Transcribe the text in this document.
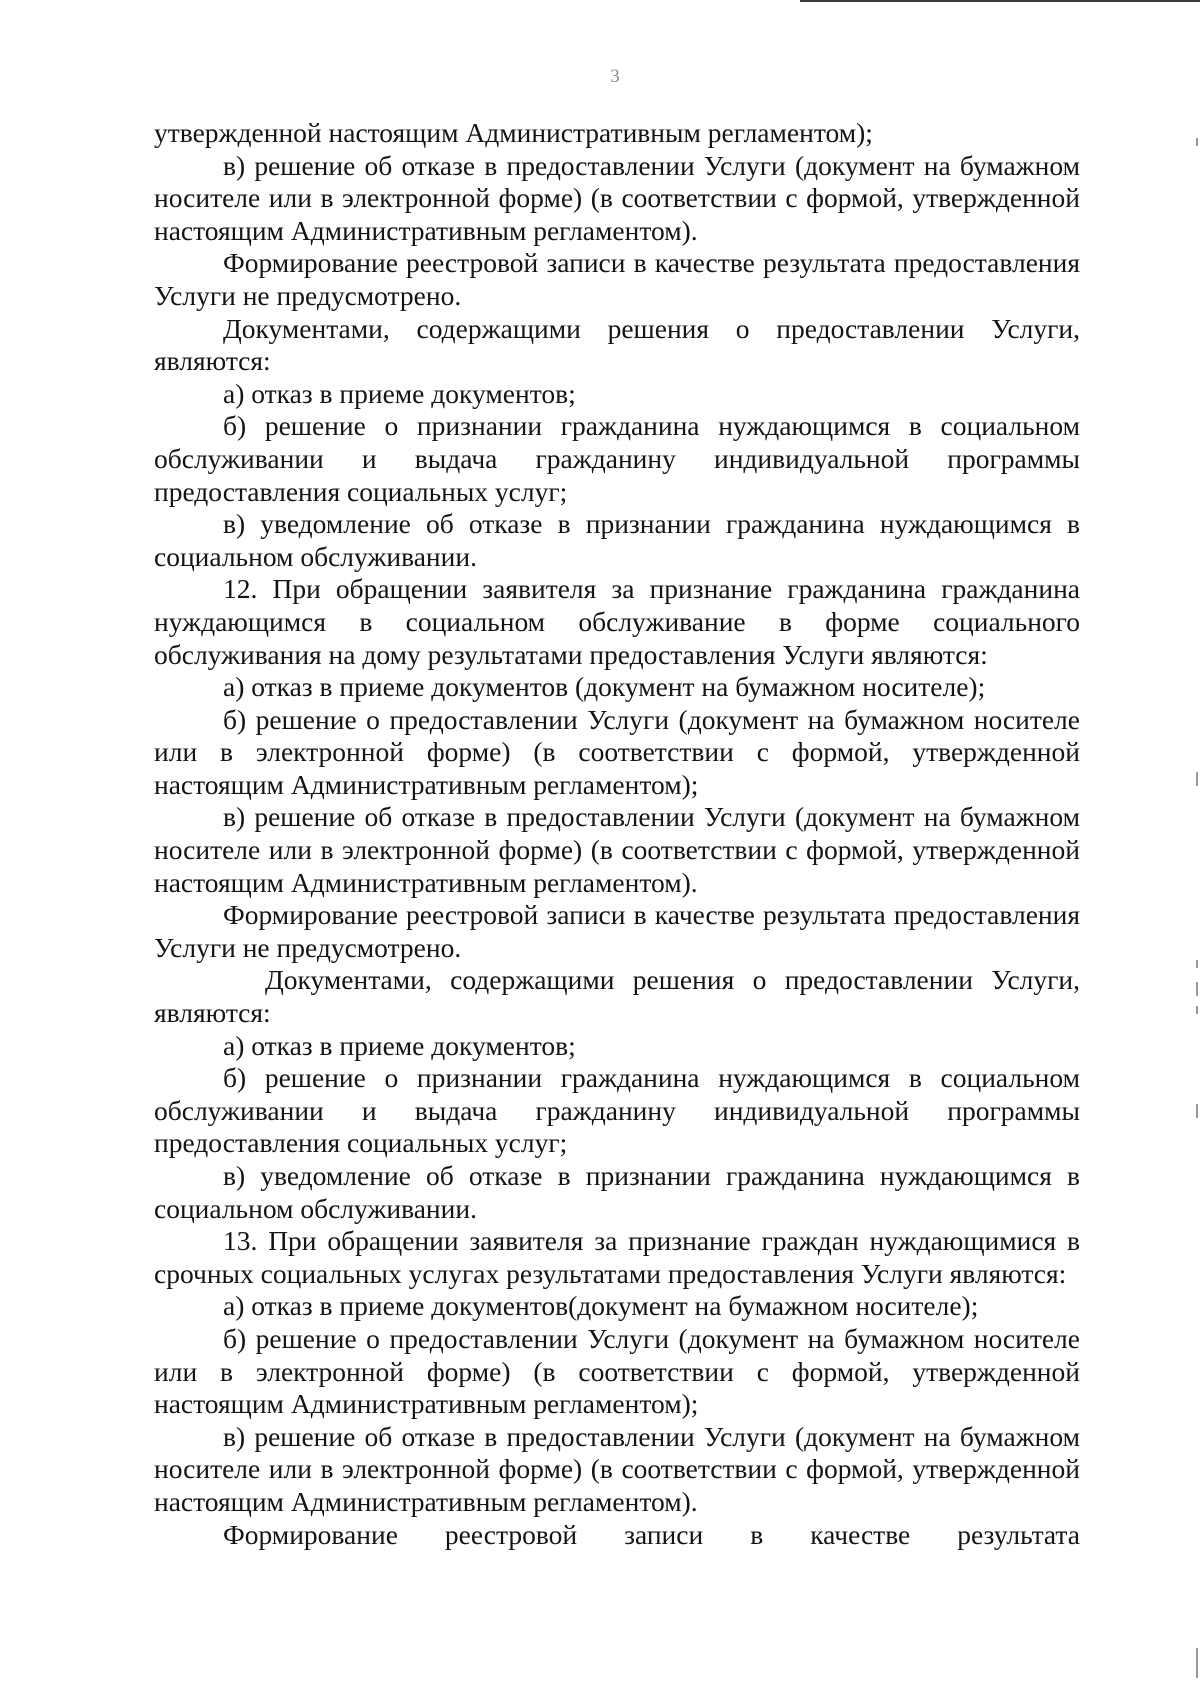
3

утвержденной настоящим Административным регламентом);

в) решение об отказе в предоставлении Услуги (документ на бумажном носителе или в электронной форме) (в соответствии с формой, утвержденной настоящим Административным регламентом).

Формирование реестровой записи в качестве результата предоставления Услуги не предусмотрено.

Документами, содержащими решения о предоставлении Услуги, являются:

а) отказ в приеме документов;

б) решение о признании гражданина нуждающимся в социальном обслуживании и выдача гражданину индивидуальной программы предоставления социальных услуг;

в) уведомление об отказе в признании гражданина нуждающимся в социальном обслуживании.

12. При обращении заявителя за признание гражданина гражданина нуждающимся в социальном обслуживание в форме социального обслуживания на дому результатами предоставления Услуги являются:

а) отказ в приеме документов (документ на бумажном носителе);

б) решение о предоставлении Услуги (документ на бумажном носителе или в электронной форме) (в соответствии с формой, утвержденной настоящим Административным регламентом);

в) решение об отказе в предоставлении Услуги (документ на бумажном носителе или в электронной форме) (в соответствии с формой, утвержденной настоящим Административным регламентом).

Формирование реестровой записи в качестве результата предоставления Услуги не предусмотрено.

Документами, содержащими решения о предоставлении Услуги, являются:

а) отказ в приеме документов;

б) решение о признании гражданина нуждающимся в социальном обслуживании и выдача гражданину индивидуальной программы предоставления социальных услуг;

в) уведомление об отказе в признании гражданина нуждающимся в социальном обслуживании.

13. При обращении заявителя за признание граждан нуждающимися в срочных социальных услугах результатами предоставления Услуги являются:

а) отказ в приеме документов(документ на бумажном носителе);

б) решение о предоставлении Услуги (документ на бумажном носителе или в электронной форме) (в соответствии с формой, утвержденной настоящим Административным регламентом);

в) решение об отказе в предоставлении Услуги (документ на бумажном носителе или в электронной форме) (в соответствии с формой, утвержденной настоящим Административным регламентом).

Формирование реестровой записи в качестве результата
